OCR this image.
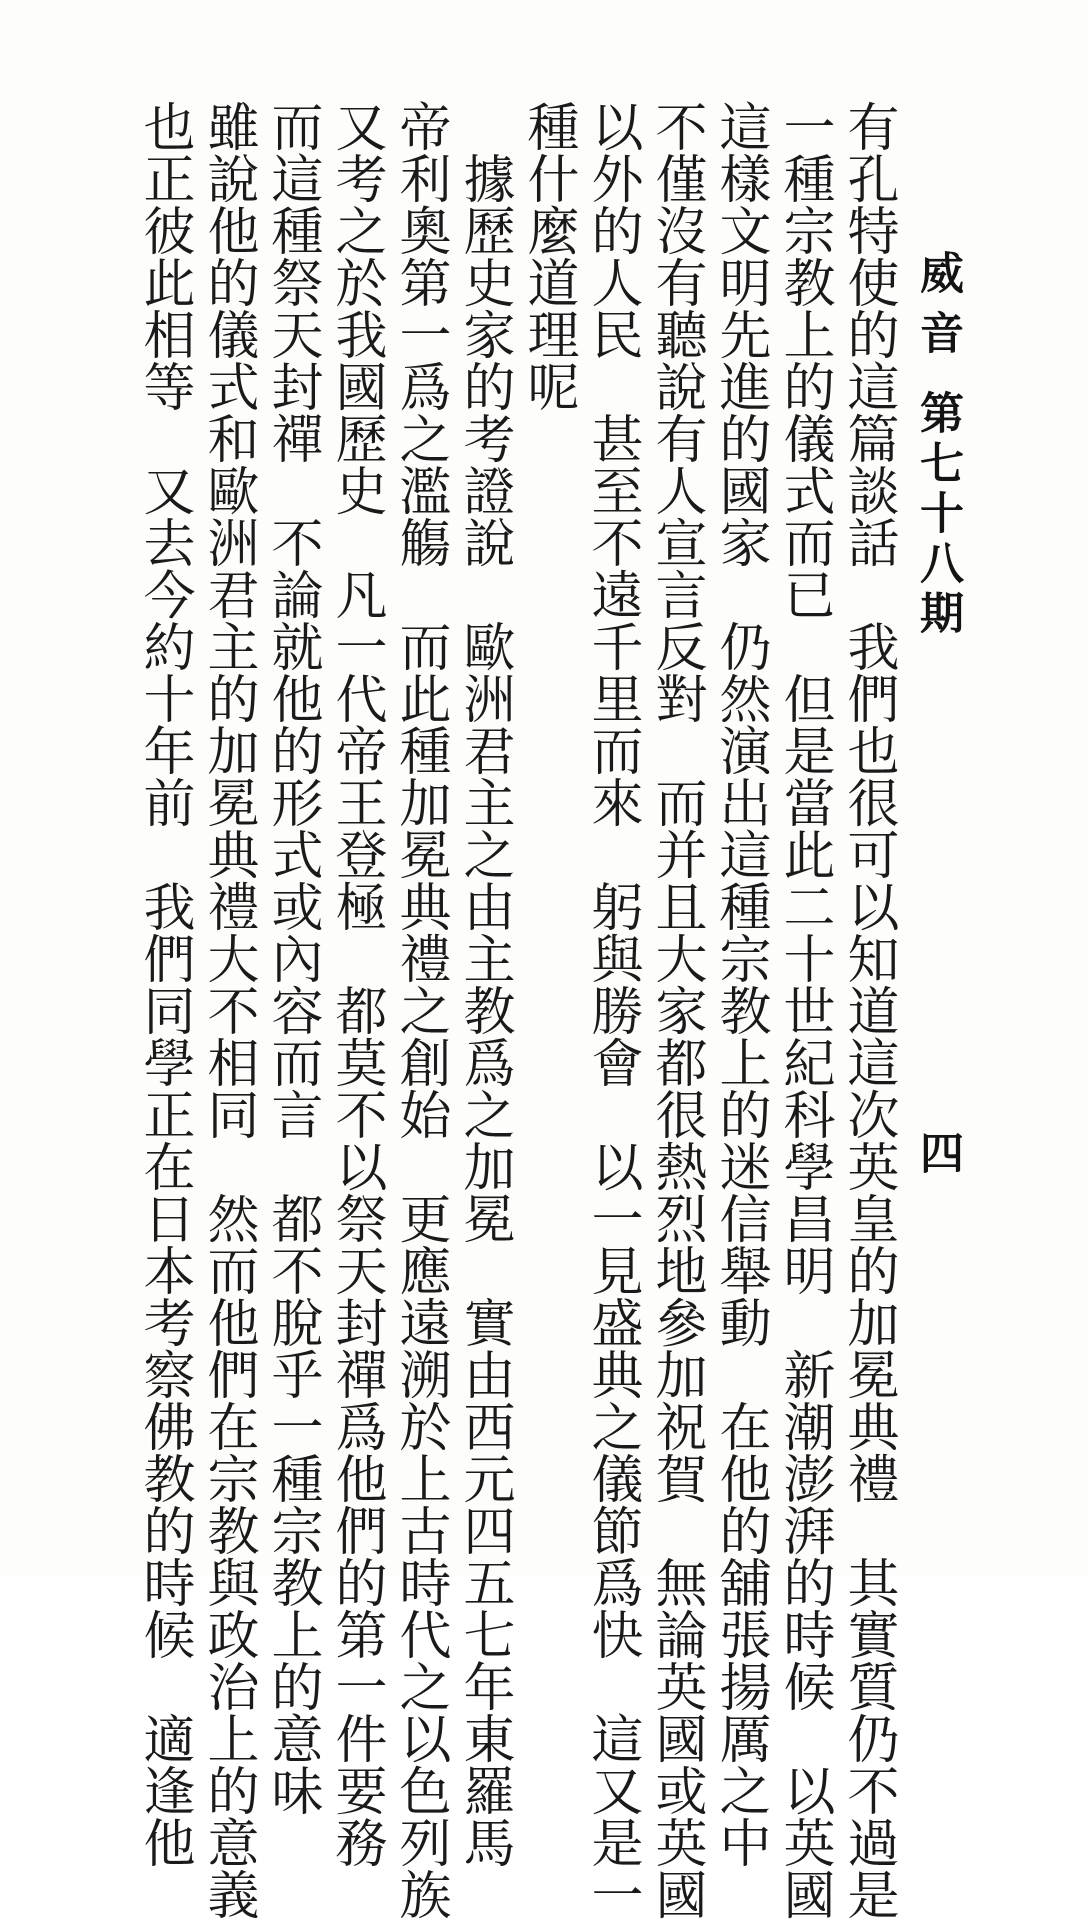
威音
第七十八期
四
有孔特使的這篇談話　我們也很可以知道這次英皇的加冕典禮　其實質仍不過是
一種宗教上的儀式而已　但是當此二十世紀科學昌明　新潮澎湃的時候　以英國
這樣文明先進的國家　仍然演出這種宗教上的迷信舉動　在他的舖張揚厲之中
不僅沒有聽說有人宣言反對　而并且大家都很熱烈地參加祝賀　無論英國或英國
以外的人民　甚至不遠千里而來　躬與勝會　以一見盛典之儀節爲快　這又是一
種什麼道理呢
據歷史家的考證說　歐洲君主之由主教爲之加冕　實由西元四五七年東羅馬
帝利奧第一爲之濫觴　而此種加冕典禮之創始　更應遠溯於上古時代之以色列族
又考之於我國歷史　凡一代帝王登極　都莫不以祭天封禪爲他們的第一件要務
而這種祭天封禪　不論就他的形式或內容而言　都不脫乎一種宗教上的意味
雖說他的儀式和歐洲君主的加冕典禮大不相同　然而他們在宗教與政治上的意義
也正彼此相等　又去今約十年前　我們同學正在日本考察佛教的時候　適逢他
